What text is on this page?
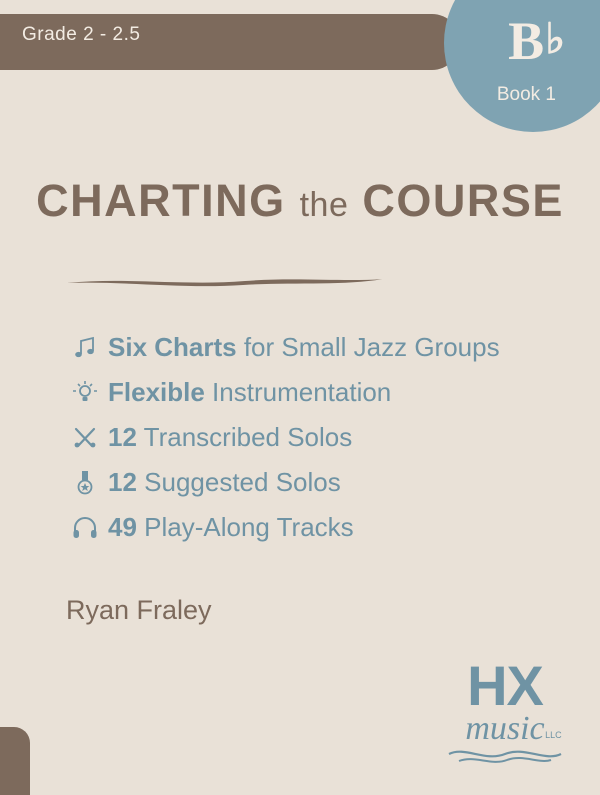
Grade 2 - 2.5	B♭
Book 1
CHARTING the COURSE
Six Charts for Small Jazz Groups
Flexible Instrumentation
12 Transcribed Solos
12 Suggested Solos
49 Play-Along Tracks
Ryan Fraley
HX
music LLC
